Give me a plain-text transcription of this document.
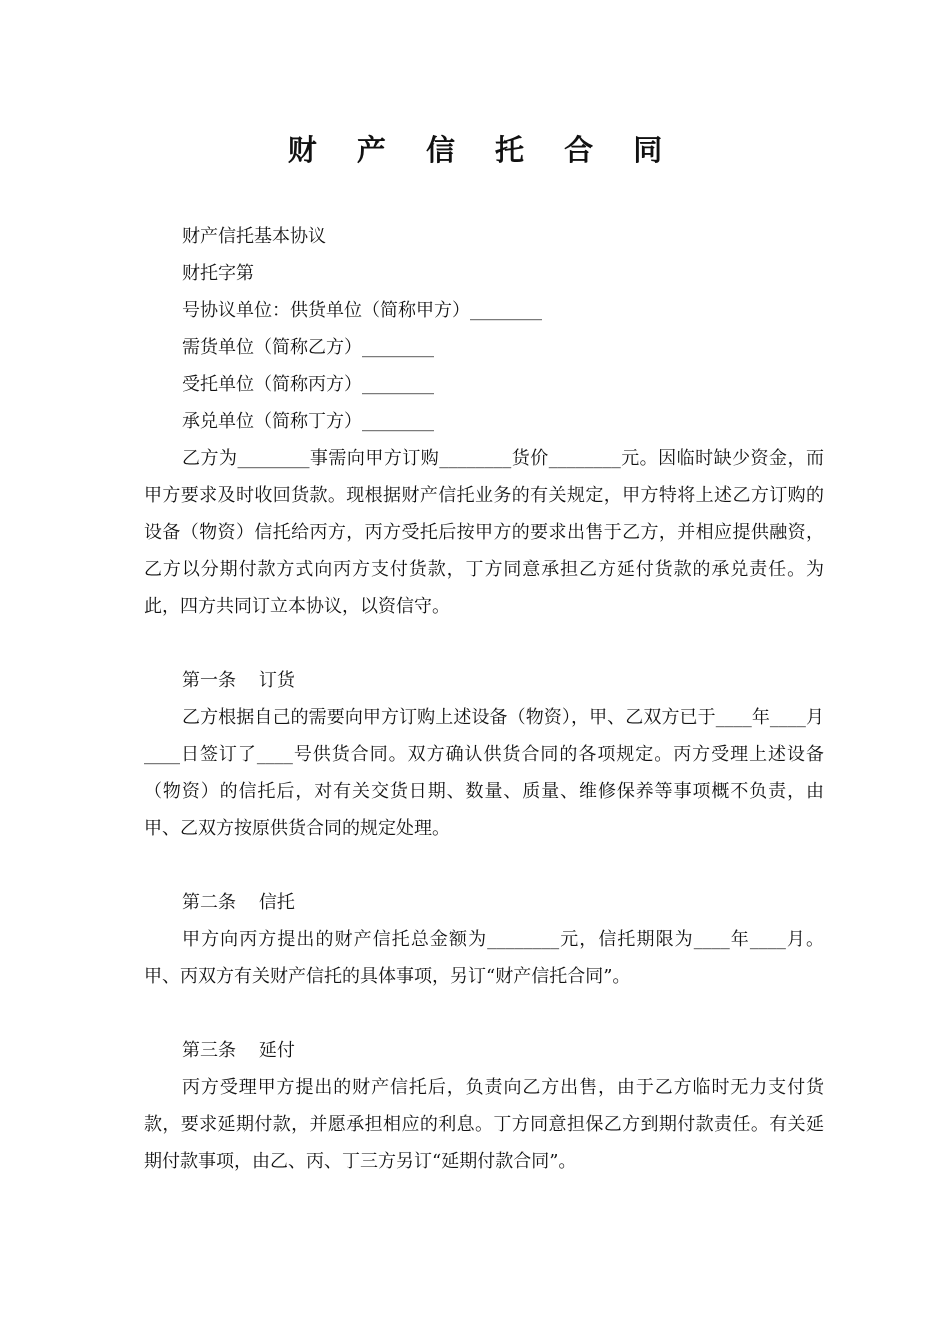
财 产 信 托 合 同

财产信托基本协议

财托字第

号协议单位：供货单位（简称甲方）________

需货单位（简称乙方）________

受托单位（简称丙方）________

承兑单位（简称丁方）________

乙方为________事需向甲方订购________货价________元。因临时缺少资金，而甲方要求及时收回货款。现根据财产信托业务的有关规定，甲方特将上述乙方订购的设备（物资）信托给丙方，丙方受托后按甲方的要求出售于乙方，并相应提供融资，乙方以分期付款方式向丙方支付货款，丁方同意承担乙方延付货款的承兑责任。为此，四方共同订立本协议，以资信守。

第一条    订货

乙方根据自己的需要向甲方订购上述设备（物资），甲、乙双方已于____年____月____日签订了____号供货合同。双方确认供货合同的各项规定。丙方受理上述设备（物资）的信托后，对有关交货日期、数量、质量、维修保养等事项概不负责，由甲、乙双方按原供货合同的规定处理。

第二条    信托

甲方向丙方提出的财产信托总金额为________元，信托期限为____年____月。甲、丙双方有关财产信托的具体事项，另订“财产信托合同”。

第三条    延付

丙方受理甲方提出的财产信托后，负责向乙方出售，由于乙方临时无力支付货款，要求延期付款，并愿承担相应的利息。丁方同意担保乙方到期付款责任。有关延期付款事项，由乙、丙、丁三方另订“延期付款合同”。
